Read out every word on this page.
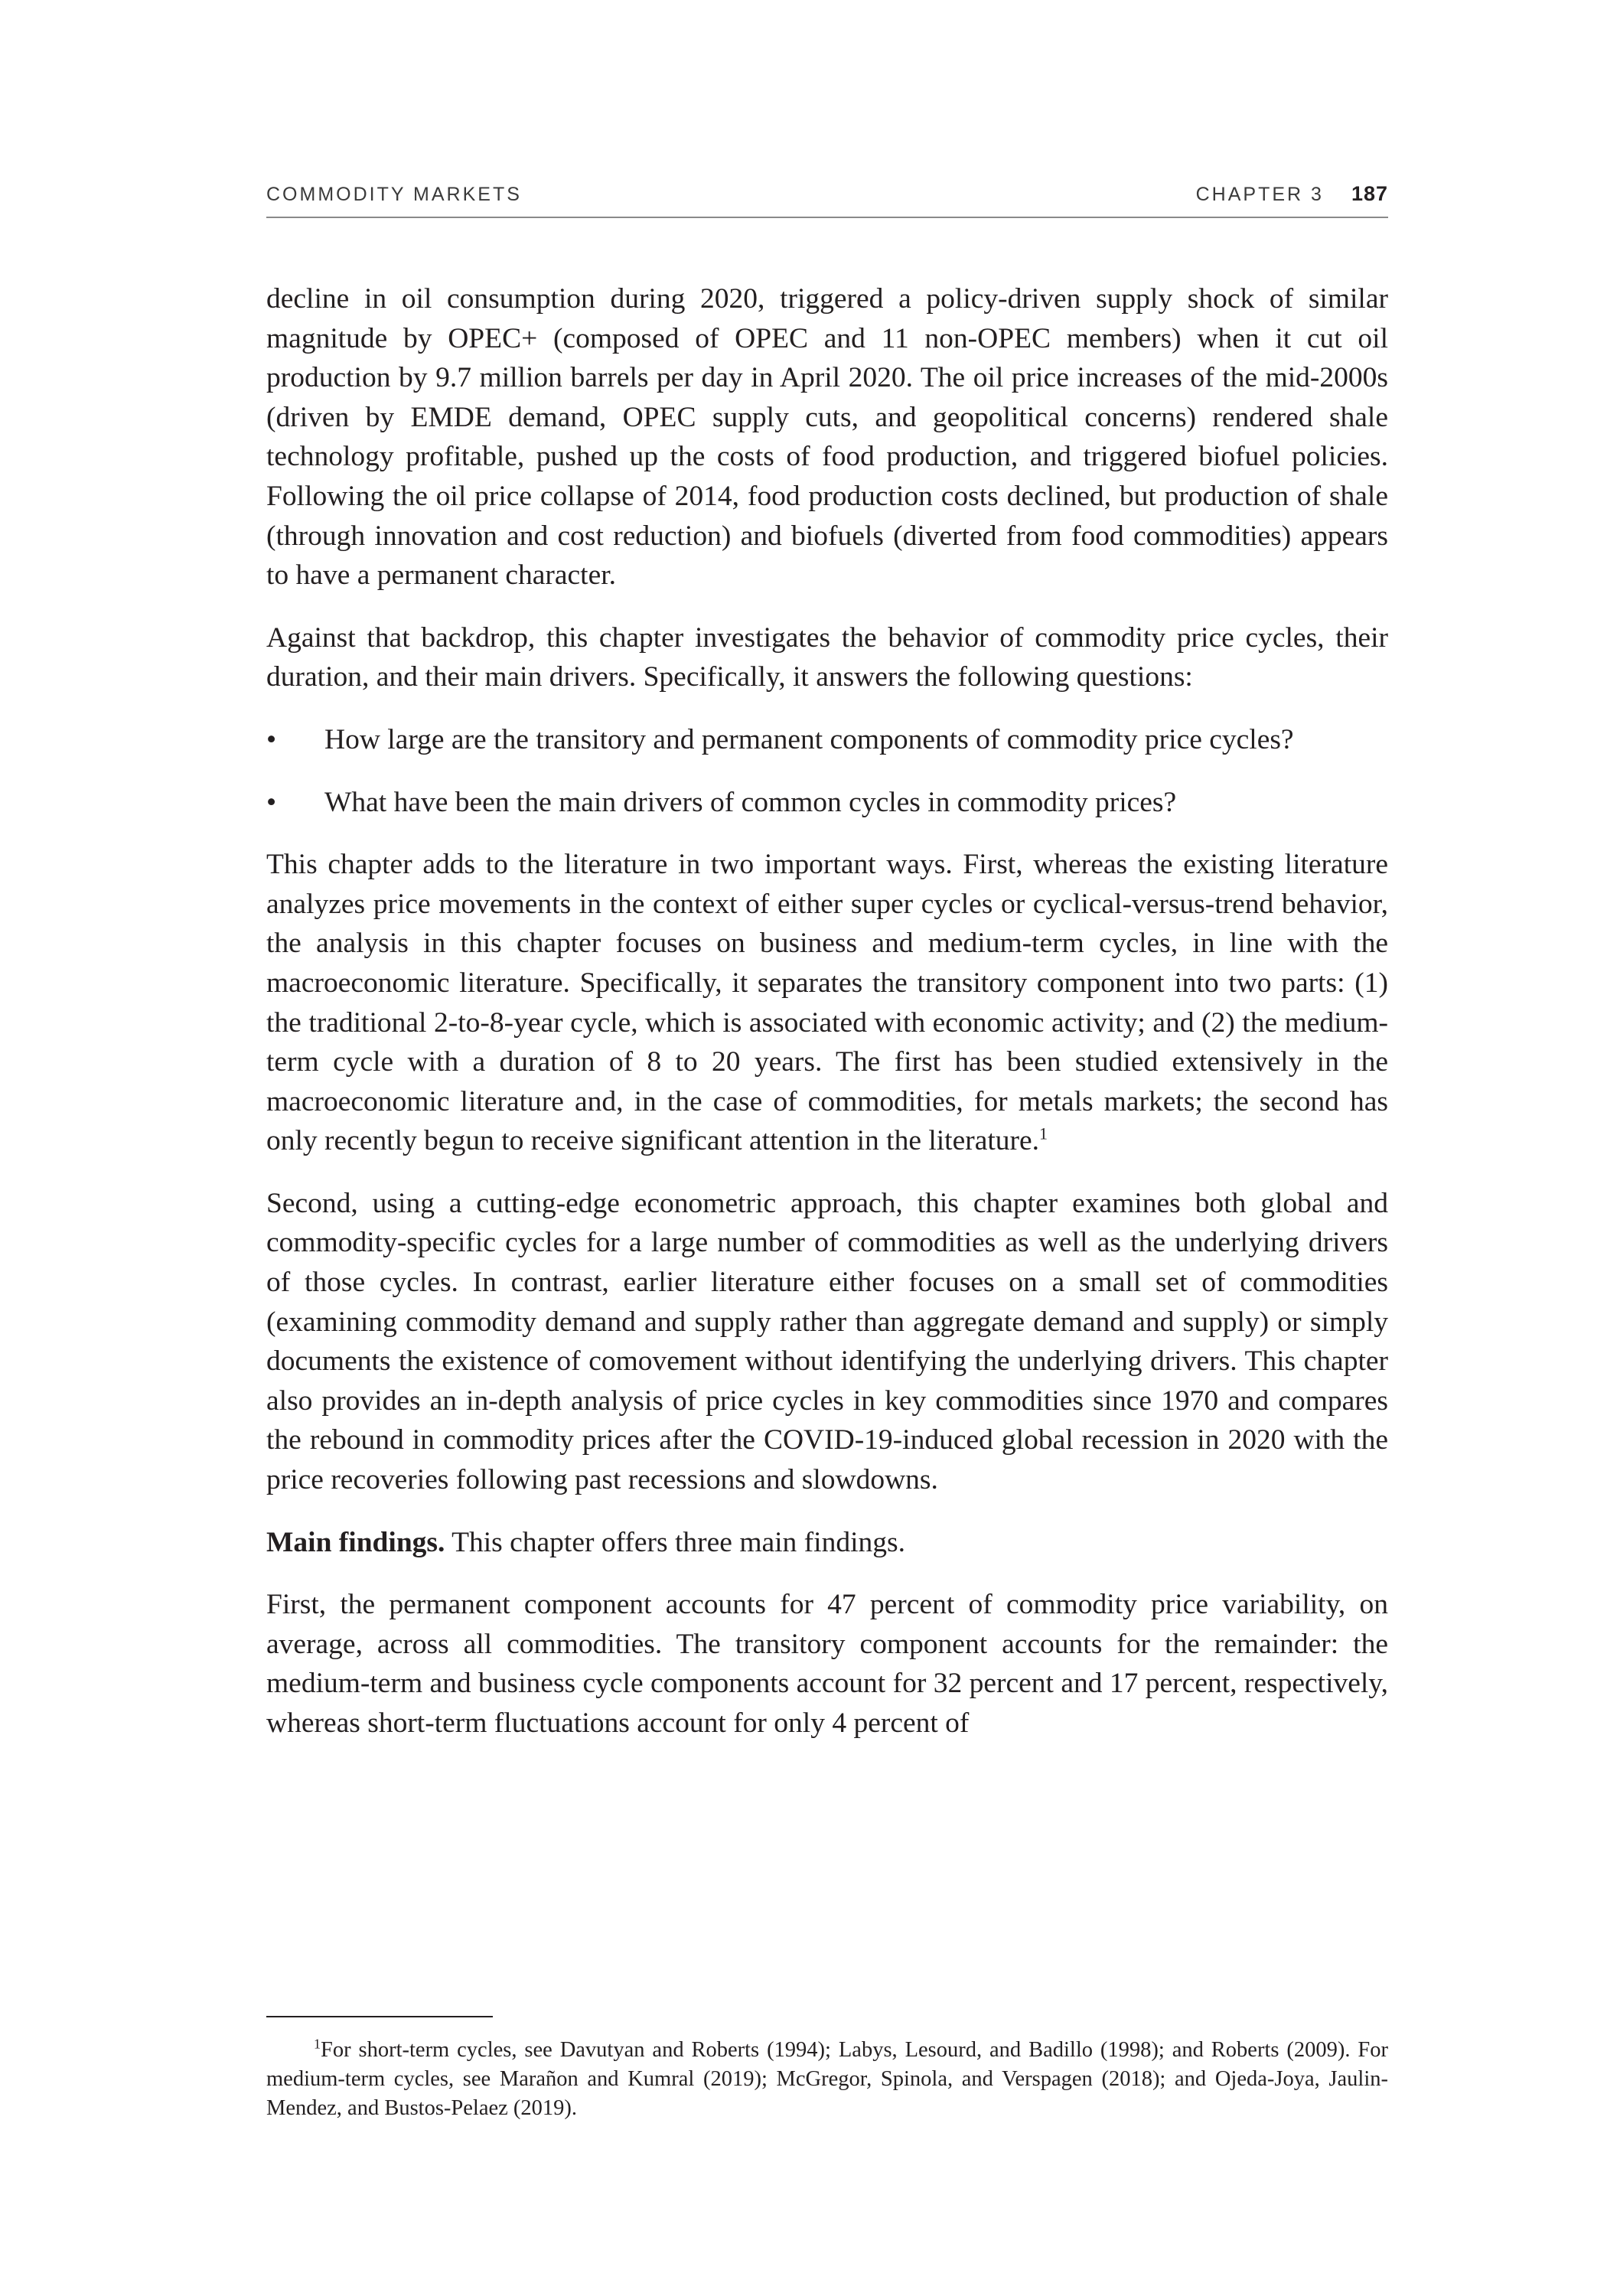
COMMODITY MARKETS	CHAPTER 3 187

decline in oil consumption during 2020, triggered a policy-driven supply shock of similar magnitude by OPEC+ (composed of OPEC and 11 non-OPEC members) when it cut oil production by 9.7 million barrels per day in April 2020. The oil price increases of the mid-2000s (driven by EMDE demand, OPEC supply cuts, and geopolitical concerns) rendered shale technology profitable, pushed up the costs of food production, and triggered biofuel policies. Following the oil price collapse of 2014, food production costs declined, but production of shale (through innovation and cost reduction) and biofuels (diverted from food commodities) appears to have a permanent character.

Against that backdrop, this chapter investigates the behavior of commodity price cycles, their duration, and their main drivers. Specifically, it answers the following questions:

• How large are the transitory and permanent components of commodity price cycles?
• What have been the main drivers of common cycles in commodity prices?

This chapter adds to the literature in two important ways. First, whereas the existing literature analyzes price movements in the context of either super cycles or cyclical-versus-trend behavior, the analysis in this chapter focuses on business and medium-term cycles, in line with the macroeconomic literature. Specifically, it separates the transitory component into two parts: (1) the traditional 2-to-8-year cycle, which is associated with economic activity; and (2) the medium-term cycle with a duration of 8 to 20 years. The first has been studied extensively in the macroeconomic literature and, in the case of commodities, for metals markets; the second has only recently begun to receive significant attention in the literature.$^1$

Second, using a cutting-edge econometric approach, this chapter examines both global and commodity-specific cycles for a large number of commodities as well as the underlying drivers of those cycles. In contrast, earlier literature either focuses on a small set of commodities (examining commodity demand and supply rather than aggregate demand and supply) or simply documents the existence of comovement without identifying the underlying drivers. This chapter also provides an in-depth analysis of price cycles in key commodities since 1970 and compares the rebound in commodity prices after the COVID-19-induced global recession in 2020 with the price recoveries following past recessions and slowdowns.

Main findings. This chapter offers three main findings.

First, the permanent component accounts for 47 percent of commodity price variability, on average, across all commodities. The transitory component accounts for the remainder: the medium-term and business cycle components account for 32 percent and 17 percent, respectively, whereas short-term fluctuations account for only 4 percent of

$^1$For short-term cycles, see Davutyan and Roberts (1994); Labys, Lesourd, and Badillo (1998); and Roberts (2009). For medium-term cycles, see Marañon and Kumral (2019); McGregor, Spinola, and Verspagen (2018); and Ojeda-Joya, Jaulin-Mendez, and Bustos-Pelaez (2019).
